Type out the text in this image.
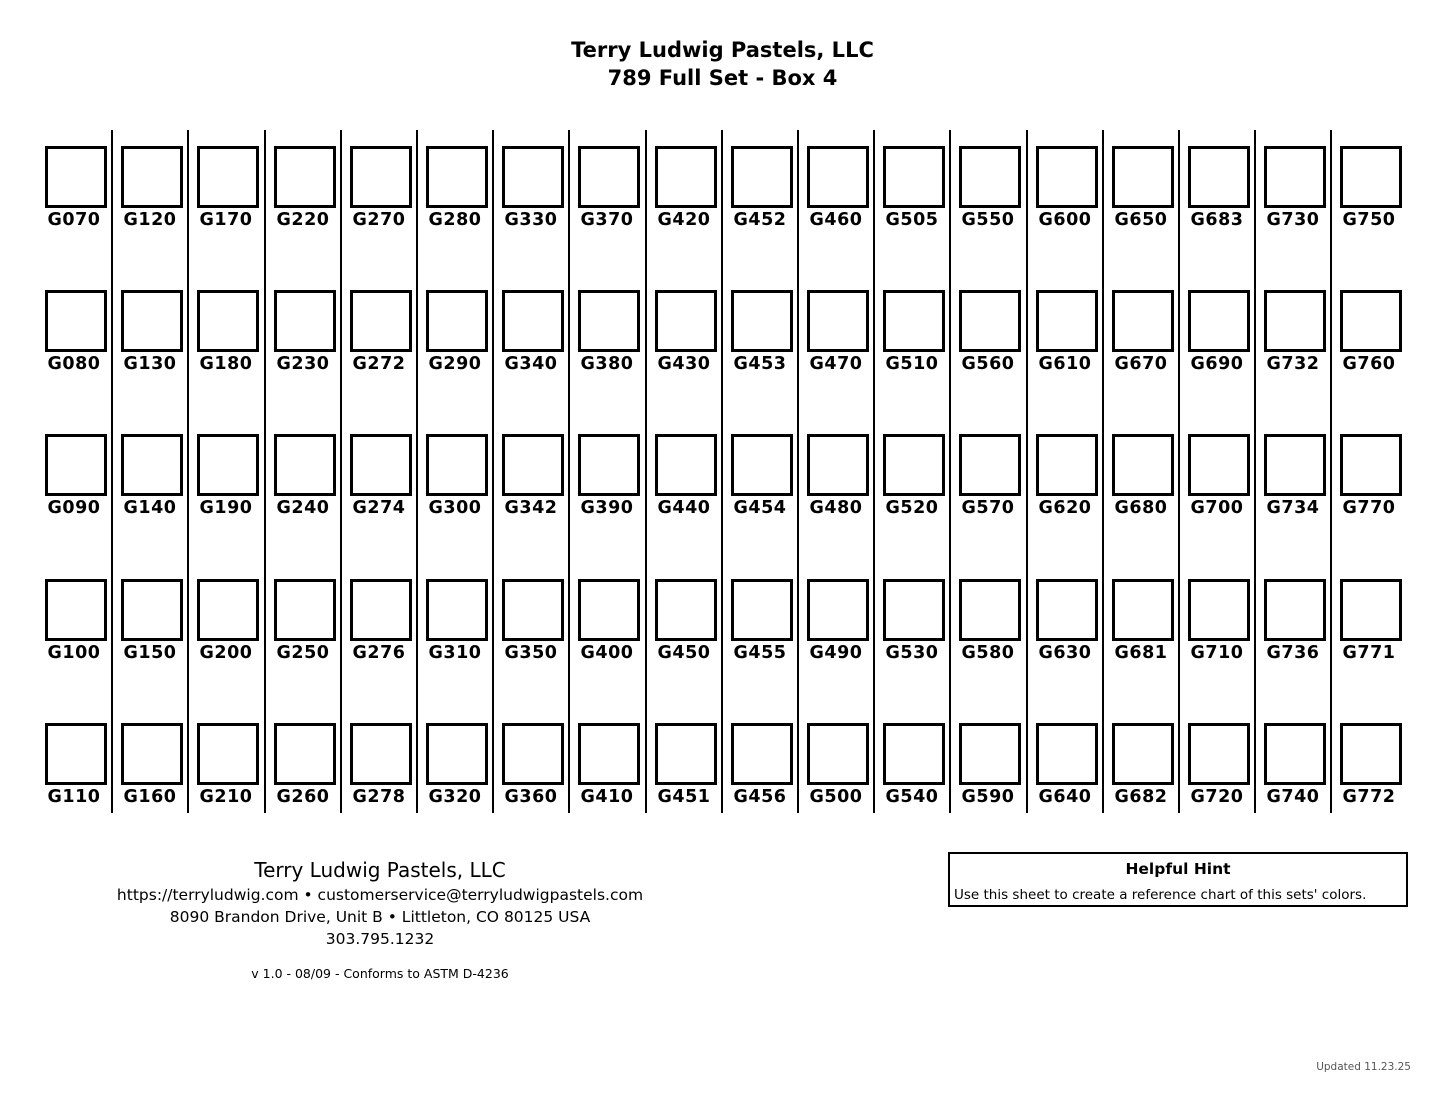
Terry Ludwig Pastels, LLC
789 Full Set - Box 4
G070
G080
G090
G100
G110
G120
G130
G140
G150
G160
G170
G180
G190
G200
G210
G220
G230
G240
G250
G260
G270
G272
G274
G276
G278
G280
G290
G300
G310
G320
G330
G340
G342
G350
G360
G370
G380
G390
G400
G410
G420
G430
G440
G450
G451
G452
G453
G454
G455
G456
G460
G470
G480
G490
G500
G505
G510
G520
G530
G540
G550
G560
G570
G580
G590
G600
G610
G620
G630
G640
G650
G670
G680
G681
G682
G683
G690
G700
G710
G720
G730
G732
G734
G736
G740
G750
G760
G770
G771
G772
Terry Ludwig Pastels, LLC
https://terryludwig.com • customerservice@terryludwigpastels.com
8090 Brandon Drive, Unit B • Littleton, CO 80125 USA
303.795.1232
v 1.0 - 08/09 - Conforms to ASTM D-4236
Helpful Hint
Use this sheet to create a reference chart of this sets' colors.
Updated 11.23.25
